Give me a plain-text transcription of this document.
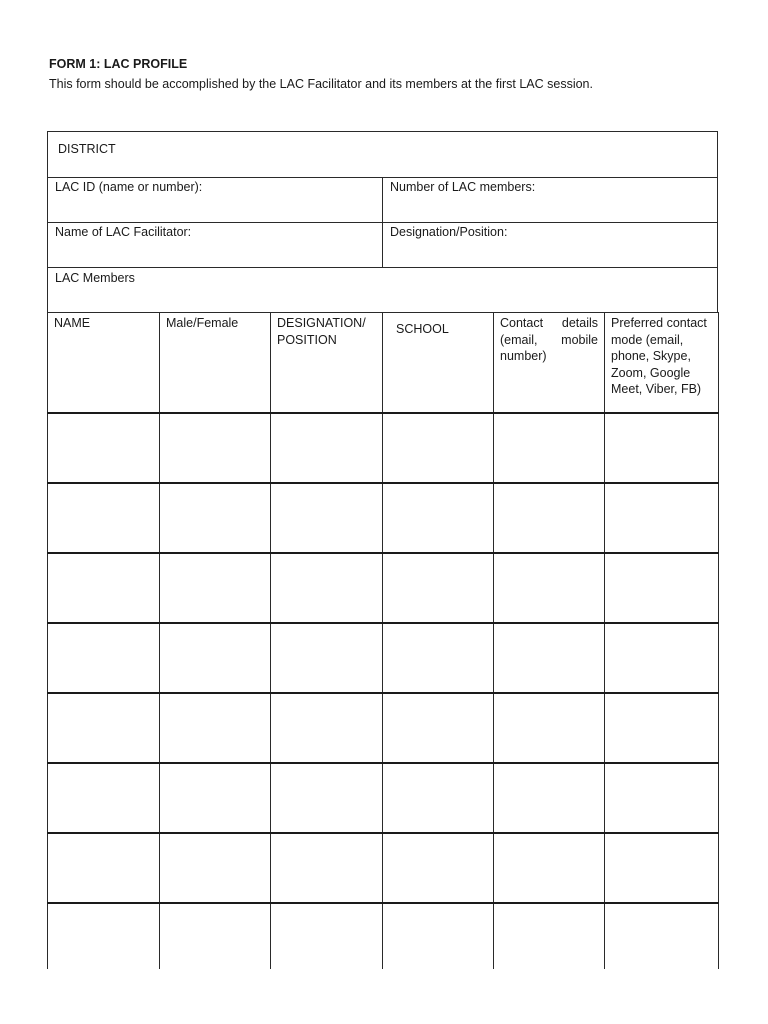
FORM 1: LAC PROFILE

This form should be accomplished by the LAC Facilitator and its members at the first LAC session.

DISTRICT
LAC ID (name or number):	Number of LAC members:
Name of LAC Facilitator:	Designation/Position:
LAC Members
NAME	Male/Female	DESIGNATION/ POSITION	SCHOOL	Contact details (email, mobile number)	Preferred contact mode (email, phone, Skype, Zoom, Google Meet, Viber, FB)
